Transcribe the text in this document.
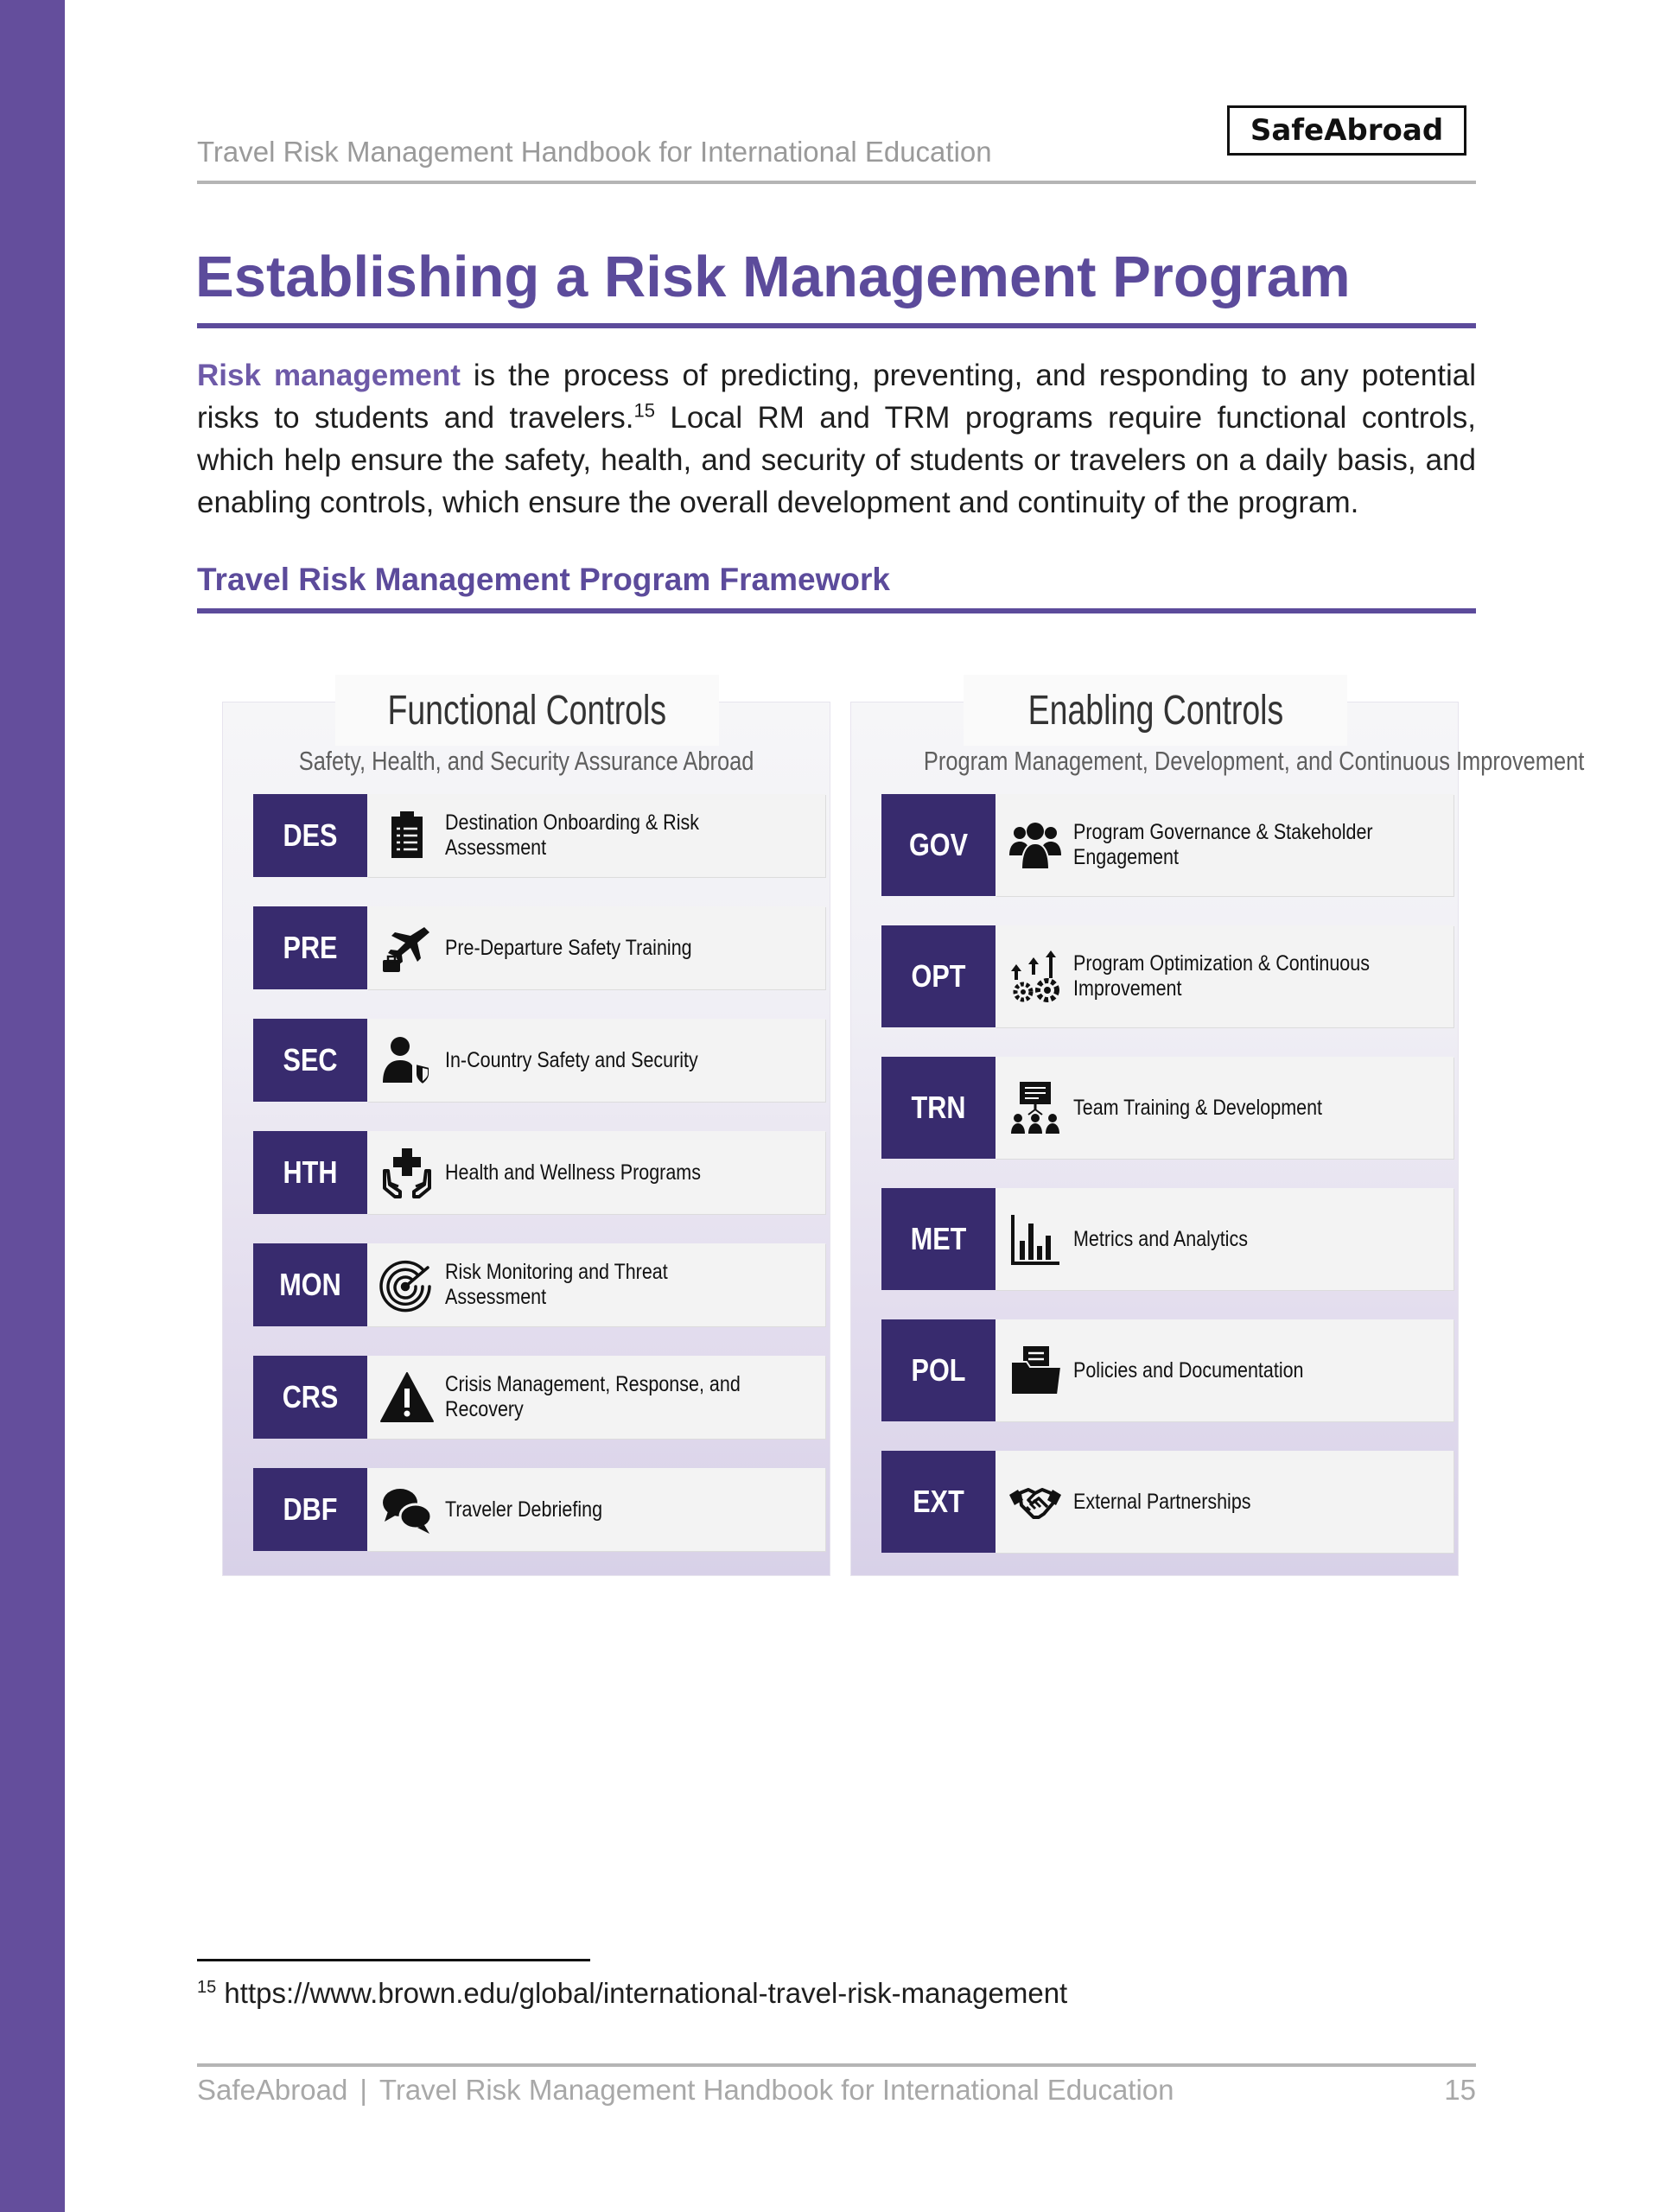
Travel Risk Management Handbook for International Education
SafeAbroad
Establishing a Risk Management Program
Risk management is the process of predicting, preventing, and responding to any potential risks to students and travelers.$^{15}$ Local RM and TRM programs require functional controls, which help ensure the safety, health, and security of students or travelers on a daily basis, and enabling controls, which ensure the overall development and continuity of the program.
Travel Risk Management Program Framework
Functional Controls
Safety, Health, and Security Assurance Abroad
DES	Destination Onboarding & Risk Assessment
PRE	Pre-Departure Safety Training
SEC	In-Country Safety and Security
HTH	Health and Wellness Programs
MON	Risk Monitoring and Threat Assessment
CRS	Crisis Management, Response, and Recovery
DBF	Traveler Debriefing
Enabling Controls
Program Management, Development, and Continuous Improvement
GOV	Program Governance & Stakeholder Engagement
OPT	Program Optimization & Continuous Improvement
TRN	Team Training & Development
MET	Metrics and Analytics
POL	Policies and Documentation
EXT	External Partnerships
$^{15}$ https://www.brown.edu/global/international-travel-risk-management
SafeAbroad | Travel Risk Management Handbook for International Education	15
